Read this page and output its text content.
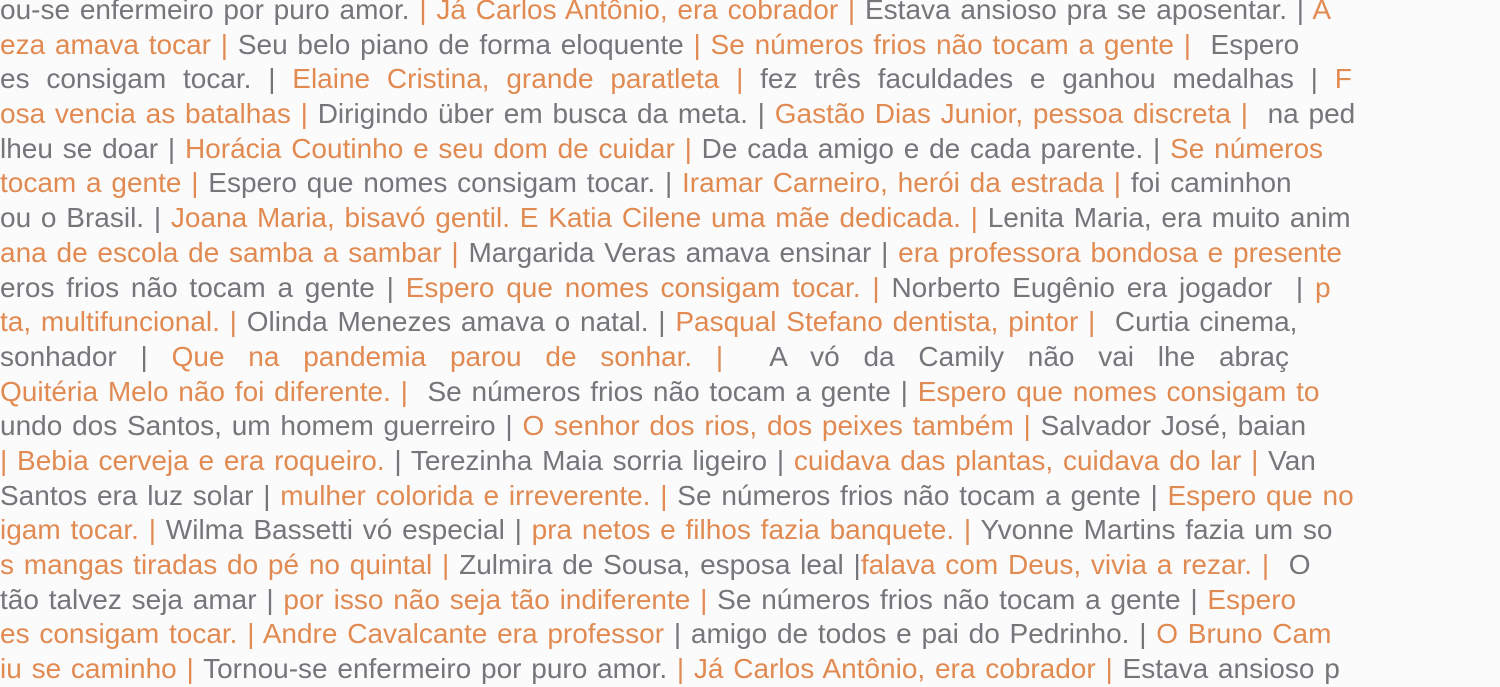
ou-se enfermeiro por puro amor. | Já Carlos Antônio, era cobrador | Estava ansioso pra se aposentar. | A
eza amava tocar | Seu belo piano de forma eloquente | Se números frios não tocam a gente |  Espero
es consigam tocar. | Elaine Cristina, grande paratleta | fez três faculdades e ganhou medalhas | F
osa vencia as batalhas | Dirigindo über em busca da meta. | Gastão Dias Junior, pessoa discreta |  na ped
lheu se doar | Horácia Coutinho e seu dom de cuidar | De cada amigo e de cada parente. | Se números
tocam a gente | Espero que nomes consigam tocar. | Iramar Carneiro, herói da estrada | foi caminhon
ou o Brasil. | Joana Maria, bisavó gentil. E Katia Cilene uma mãe dedicada. | Lenita Maria, era muito anim
ana de escola de samba a sambar | Margarida Veras amava ensinar | era professora bondosa e presente
eros frios não tocam a gente | Espero que nomes consigam tocar. | Norberto Eugênio era jogador  | p
ta, multifuncional. | Olinda Menezes amava o natal. | Pasqual Stefano dentista, pintor |  Curtia cinema,
sonhador | Que na pandemia parou de sonhar. |  A vó da Camily não vai lhe abraç
Quitéria Melo não foi diferente. |  Se números frios não tocam a gente | Espero que nomes consigam to
undo dos Santos, um homem guerreiro | O senhor dos rios, dos peixes também | Salvador José, baian
| Bebia cerveja e era roqueiro. | Terezinha Maia sorria ligeiro | cuidava das plantas, cuidava do lar | Van
Santos era luz solar | mulher colorida e irreverente. | Se números frios não tocam a gente | Espero que no
igam tocar. | Wilma Bassetti vó especial | pra netos e filhos fazia banquete. | Yvonne Martins fazia um so
s mangas tiradas do pé no quintal | Zulmira de Sousa, esposa leal |falava com Deus, vivia a rezar. |  O
tão talvez seja amar | por isso não seja tão indiferente | Se números frios não tocam a gente | Espero
es consigam tocar. | Andre Cavalcante era professor | amigo de todos e pai do Pedrinho. | O Bruno Cam
iu se caminho | Tornou-se enfermeiro por puro amor. | Já Carlos Antônio, era cobrador | Estava ansioso p
